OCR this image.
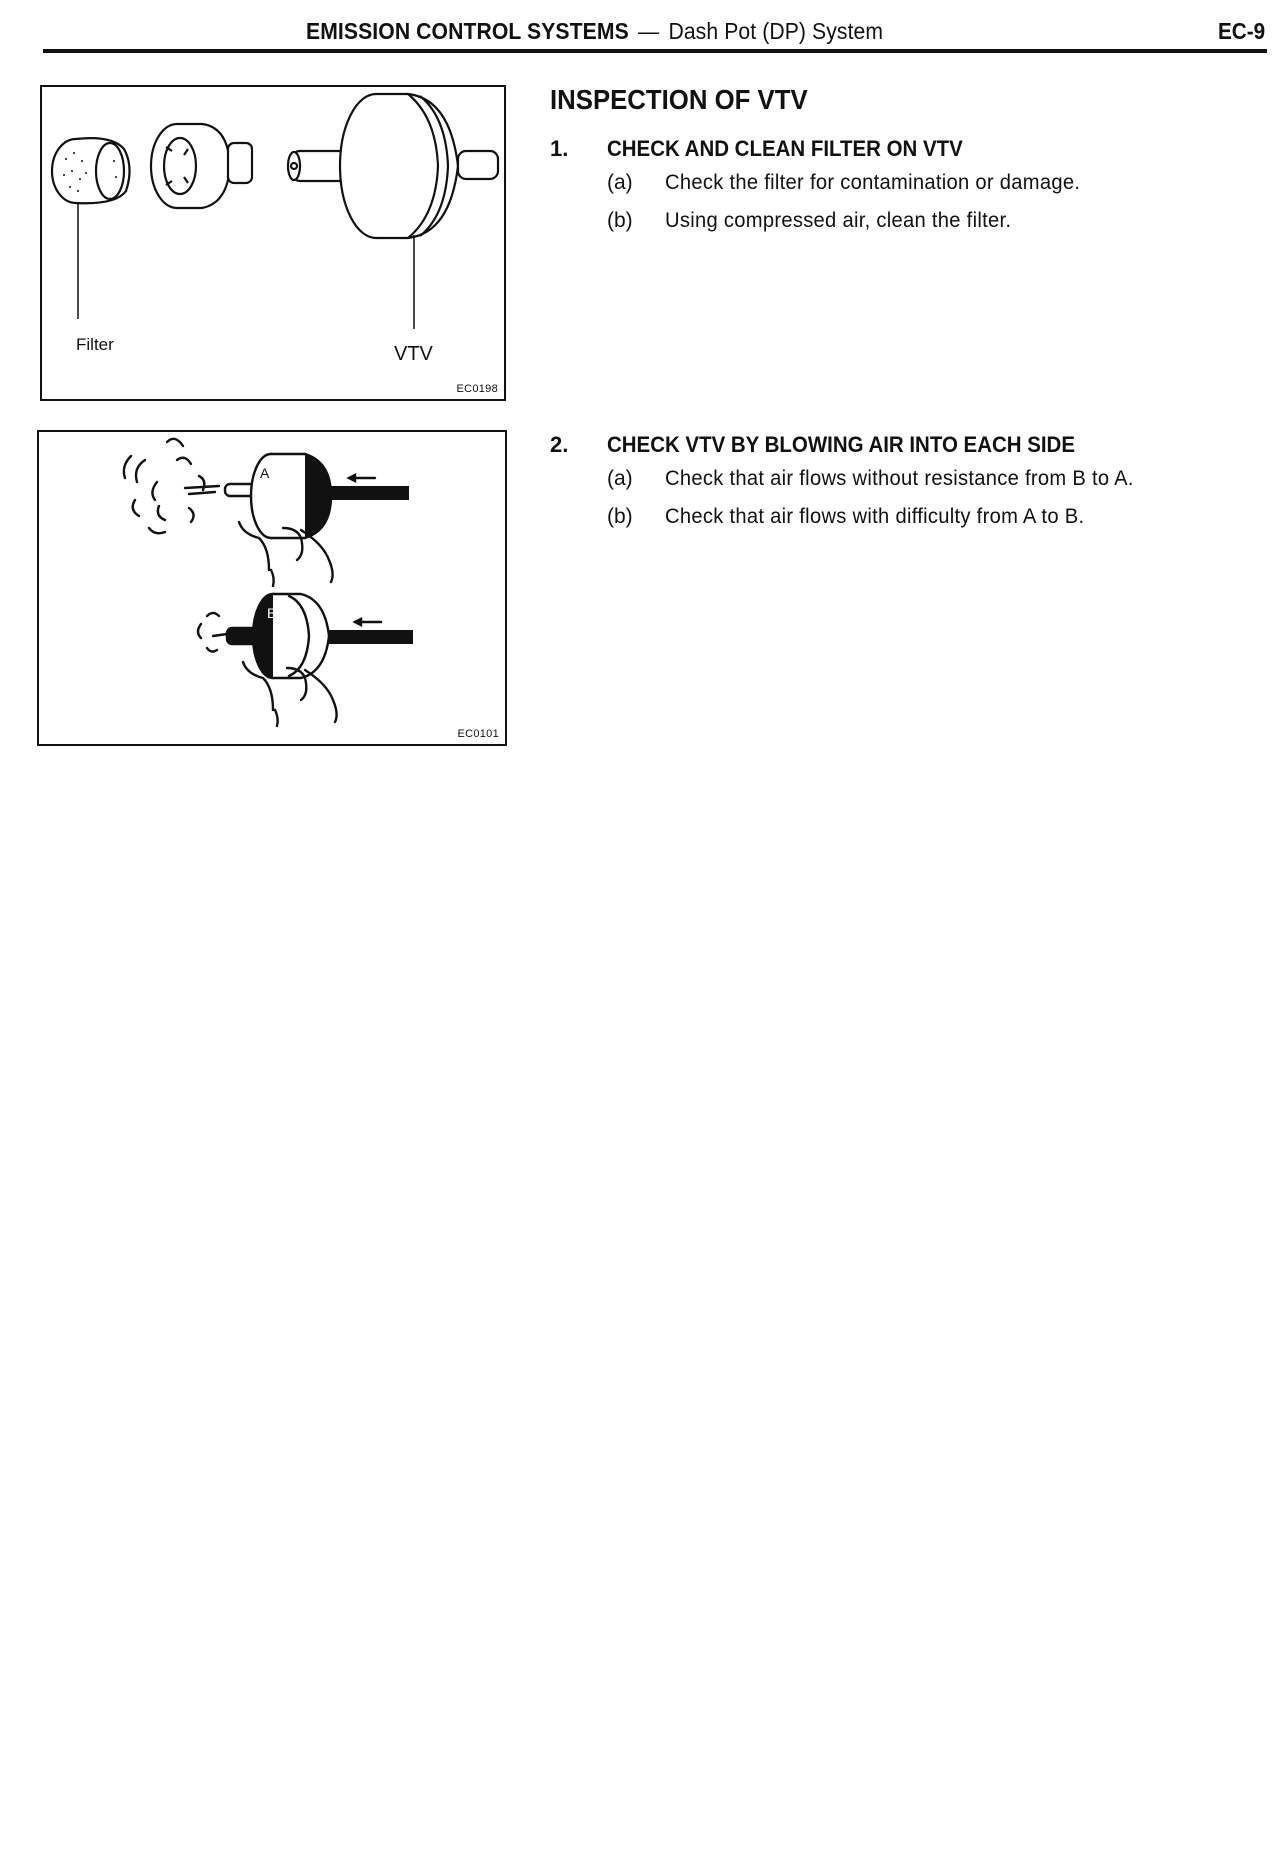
EMISSION CONTROL SYSTEMS — Dash Pot (DP) System	EC-9
Filter	VTV
EC0198
A
B
EC0101
INSPECTION OF VTV
1.	CHECK AND CLEAN FILTER ON VTV
(a)	Check the filter for contamination or damage.
(b)	Using compressed air, clean the filter.
2.	CHECK VTV BY BLOWING AIR INTO EACH SIDE
(a)	Check that air flows without resistance from B to A.
(b)	Check that air flows with difficulty from A to B.
